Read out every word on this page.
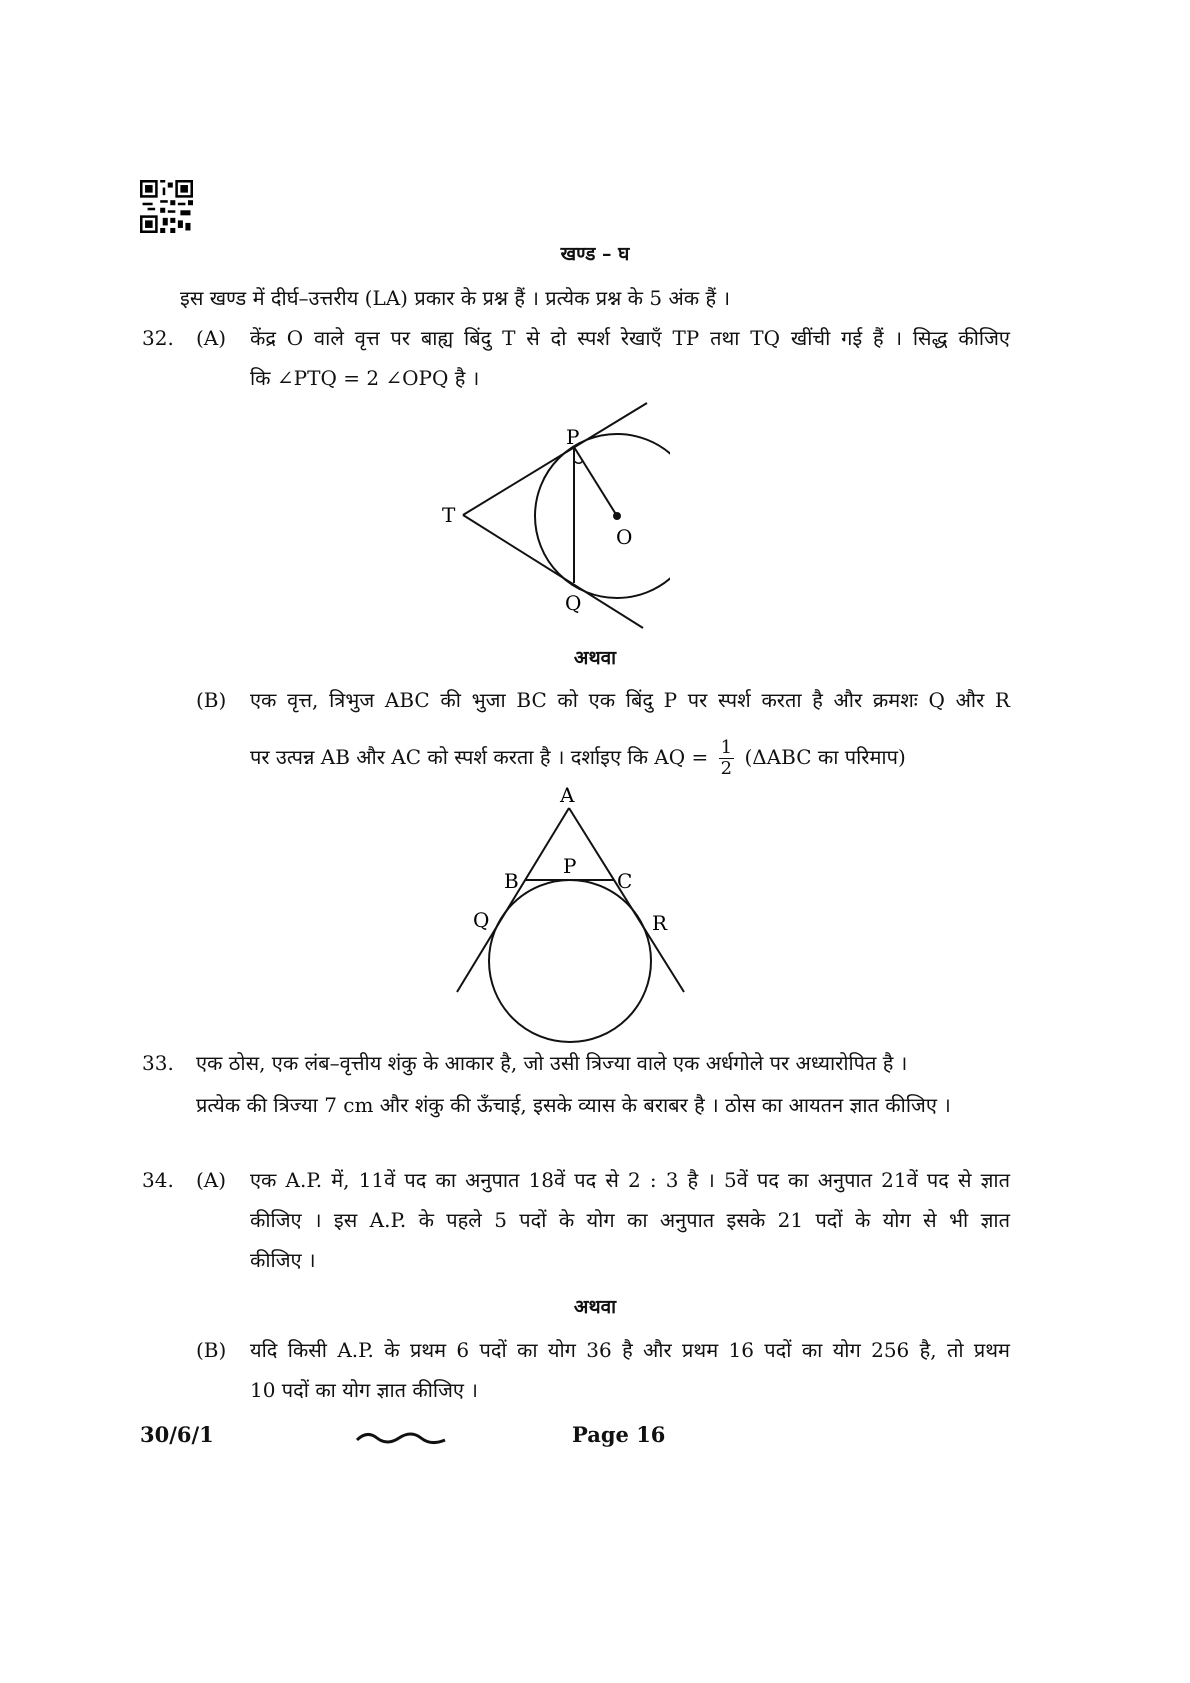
खण्ड – घ
इस खण्ड में दीर्घ–उत्तरीय (LA) प्रकार के प्रश्न हैं । प्रत्येक प्रश्न के 5 अंक हैं ।
32. (A) केंद्र O वाले वृत्त पर बाह्य बिंदु T से दो स्पर्श रेखाएँ TP तथा TQ खींची गई हैं । सिद्ध कीजिए
कि ∠PTQ = 2 ∠OPQ है ।
T
P
Q
O
अथवा
(B) एक वृत्त, त्रिभुज ABC की भुजा BC को एक बिंदु P पर स्पर्श करता है और क्रमशः Q और R
पर उत्पन्न AB और AC को स्पर्श करता है । दर्शाइए कि AQ = $\frac{1}{2} (\Delta ABC$ का परिमाप)
A
B	C
P
Q	R
33. एक ठोस, एक लंब–वृत्तीय शंकु के आकार है, जो उसी त्रिज्या वाले एक अर्धगोले पर अध्यारोपित है ।
प्रत्येक की त्रिज्या 7 cm और शंकु की ऊँचाई, इसके व्यास के बराबर है । ठोस का आयतन ज्ञात कीजिए ।
34. (A) एक A.P. में, 11वें पद का अनुपात 18वें पद से 2 : 3 है । 5वें पद का अनुपात 21वें पद से ज्ञात
कीजिए । इस A.P. के पहले 5 पदों के योग का अनुपात इसके 21 पदों के योग से भी ज्ञात
कीजिए ।
अथवा
(B) यदि किसी A.P. के प्रथम 6 पदों का योग 36 है और प्रथम 16 पदों का योग 256 है, तो प्रथम
10 पदों का योग ज्ञात कीजिए ।
30/6/1	Page 16
